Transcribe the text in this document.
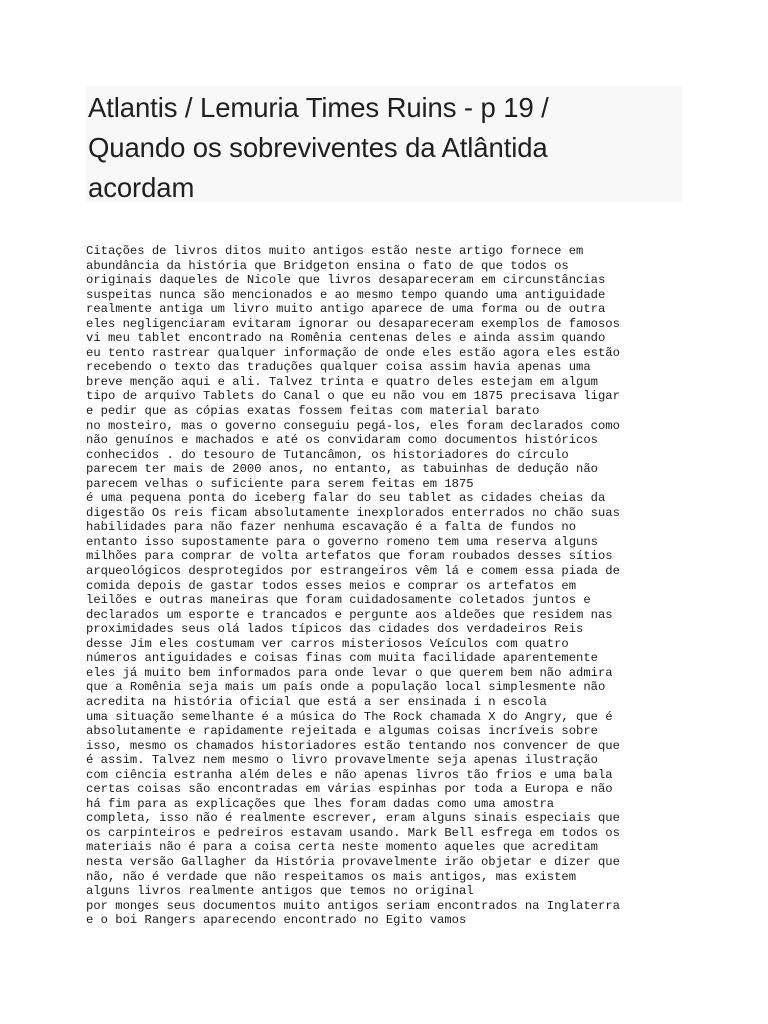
Atlantis / Lemuria Times Ruins - p 19 /
Quando os sobreviventes da Atlântida
acordam
Citações de livros ditos muito antigos estão neste artigo fornece em
abundância da história que Bridgeton ensina o fato de que todos os
originais daqueles de Nicole que livros desapareceram em circunstâncias
suspeitas nunca são mencionados e ao mesmo tempo quando uma antiguidade
realmente antiga um livro muito antigo aparece de uma forma ou de outra
eles negligenciaram evitaram ignorar ou desapareceram exemplos de famosos
vi meu tablet encontrado na Romênia centenas deles e ainda assim quando
eu tento rastrear qualquer informação de onde eles estão agora eles estão
recebendo o texto das traduções qualquer coisa assim havia apenas uma
breve menção aqui e ali. Talvez trinta e quatro deles estejam em algum
tipo de arquivo Tablets do Canal o que eu não vou em 1875 precisava ligar
e pedir que as cópias exatas fossem feitas com material barato
no mosteiro, mas o governo conseguiu pegá-los, eles foram declarados como
não genuínos e machados e até os convidaram como documentos históricos
conhecidos . do tesouro de Tutancâmon, os historiadores do círculo
parecem ter mais de 2000 anos, no entanto, as tabuinhas de dedução não
parecem velhas o suficiente para serem feitas em 1875
é uma pequena ponta do iceberg falar do seu tablet as cidades cheias da
digestão Os reis ficam absolutamente inexplorados enterrados no chão suas
habilidades para não fazer nenhuma escavação é a falta de fundos no
entanto isso supostamente para o governo romeno tem uma reserva alguns
milhões para comprar de volta artefatos que foram roubados desses sítios
arqueológicos desprotegidos por estrangeiros vêm lá e comem essa piada de
comida depois de gastar todos esses meios e comprar os artefatos em
leilões e outras maneiras que foram cuidadosamente coletados juntos e
declarados um esporte e trancados e pergunte aos aldeões que residem nas
proximidades seus olá lados típicos das cidades dos verdadeiros Reis
desse Jim eles costumam ver carros misteriosos Veículos com quatro
números antiguidades e coisas finas com muita facilidade aparentemente
eles já muito bem informados para onde levar o que querem bem não admira
que a Romênia seja mais um país onde a população local simplesmente não
acredita na história oficial que está a ser ensinada i n escola
uma situação semelhante é a música do The Rock chamada X do Angry, que é
absolutamente e rapidamente rejeitada e algumas coisas incríveis sobre
isso, mesmo os chamados historiadores estão tentando nos convencer de que
é assim. Talvez nem mesmo o livro provavelmente seja apenas ilustração
com ciência estranha além deles e não apenas livros tão frios e uma bala
certas coisas são encontradas em várias espinhas por toda a Europa e não
há fim para as explicações que lhes foram dadas como uma amostra
completa, isso não é realmente escrever, eram alguns sinais especiais que
os carpinteiros e pedreiros estavam usando. Mark Bell esfrega em todos os
materiais não é para a coisa certa neste momento aqueles que acreditam
nesta versão Gallagher da História provavelmente irão objetar e dizer que
não, não é verdade que não respeitamos os mais antigos, mas existem
alguns livros realmente antigos que temos no original
por monges seus documentos muito antigos seriam encontrados na Inglaterra
e o boi Rangers aparecendo encontrado no Egito vamos
